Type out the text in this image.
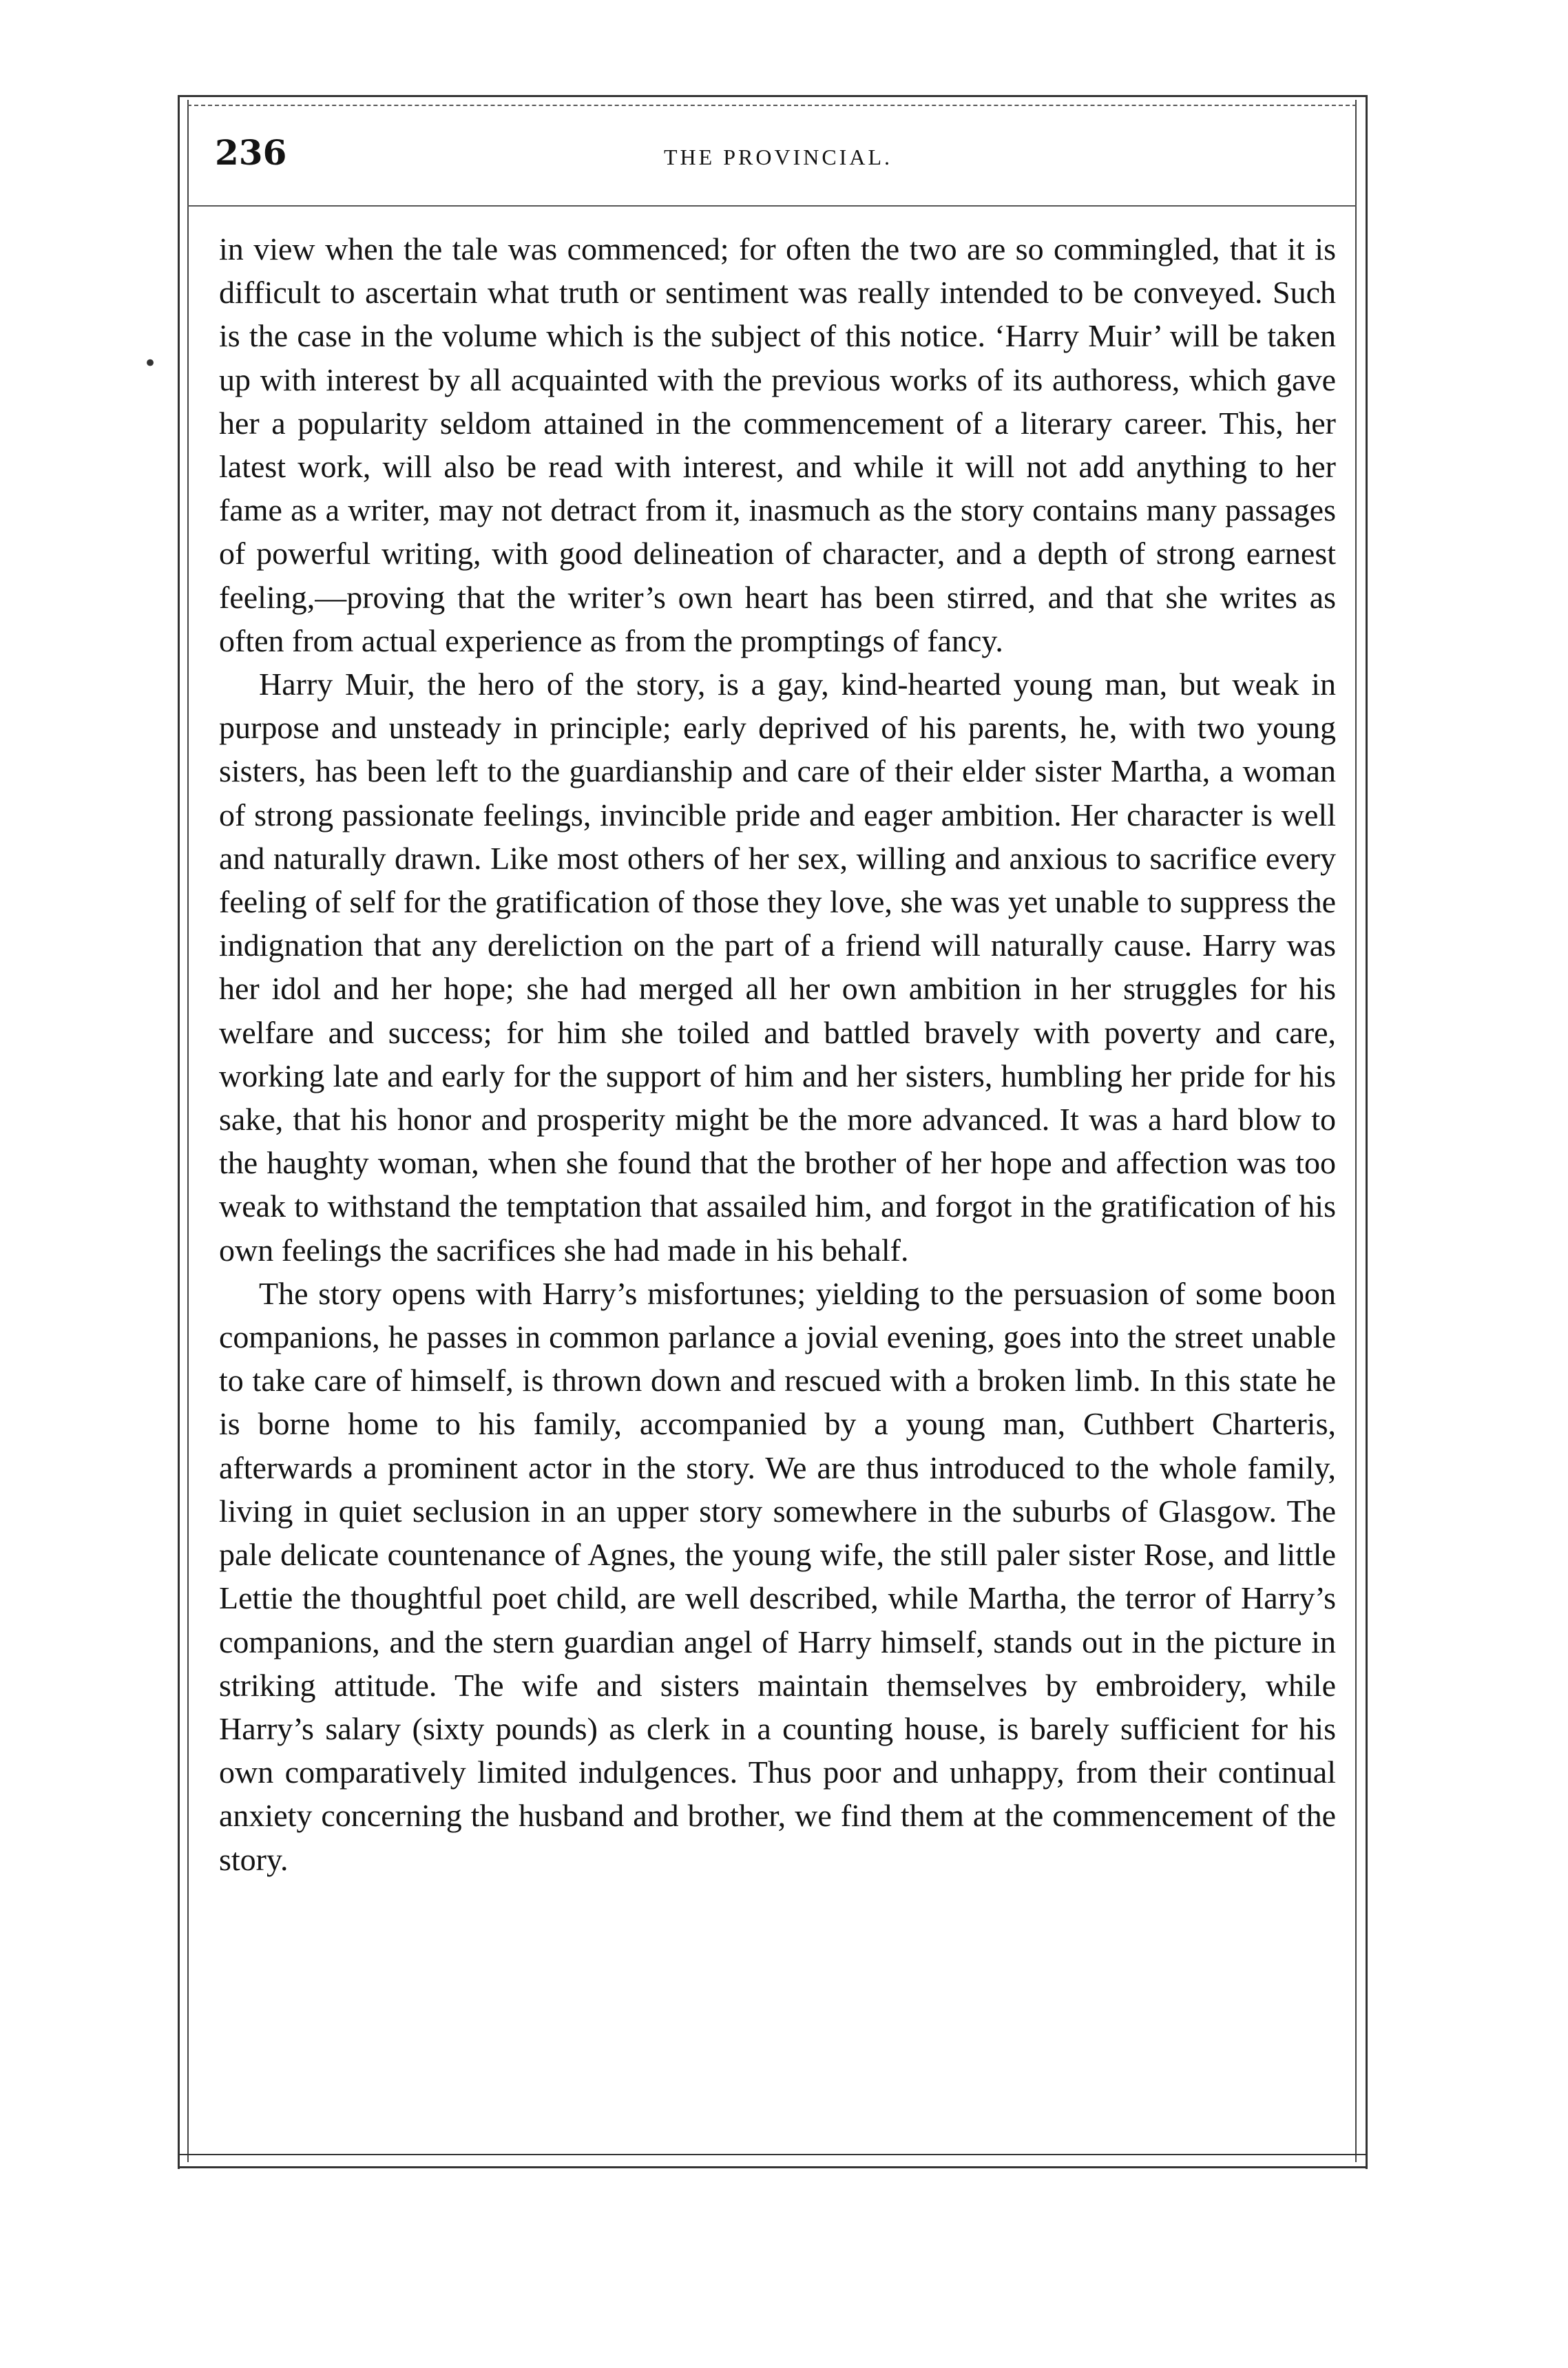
236	THE PROVINCIAL.
•

in view when the tale was commenced; for often the two are so commingled, that it is difficult to ascertain what truth or sentiment was really intended to be conveyed. Such is the case in the volume which is the subject of this notice. ‘Harry Muir’ will be taken up with interest by all acquainted with the previous works of its authoress, which gave her a popularity seldom attained in the commencement of a literary career. This, her latest work, will also be read with interest, and while it will not add anything to her fame as a writer, may not detract from it, inasmuch as the story contains many passages of powerful writing, with good delineation of character, and a depth of strong earnest feeling,—proving that the writer’s own heart has been stirred, and that she writes as often from actual experience as from the promptings of fancy.

Harry Muir, the hero of the story, is a gay, kind-hearted young man, but weak in purpose and unsteady in principle; early deprived of his parents, he, with two young sisters, has been left to the guardianship and care of their elder sister Martha, a woman of strong passionate feelings, invincible pride and eager ambition. Her character is well and naturally drawn. Like most others of her sex, willing and anxious to sacrifice every feeling of self for the gratification of those they love, she was yet unable to suppress the indignation that any dereliction on the part of a friend will naturally cause. Harry was her idol and her hope; she had merged all her own ambition in her struggles for his welfare and success; for him she toiled and battled bravely with poverty and care, working late and early for the support of him and her sisters, humbling her pride for his sake, that his honor and prosperity might be the more advanced. It was a hard blow to the haughty woman, when she found that the brother of her hope and affection was too weak to withstand the temptation that assailed him, and forgot in the gratification of his own feelings the sacrifices she had made in his behalf.

The story opens with Harry’s misfortunes; yielding to the persuasion of some boon companions, he passes in common parlance a jovial evening, goes into the street unable to take care of himself, is thrown down and rescued with a broken limb. In this state he is borne home to his family, accompanied by a young man, Cuthbert Charteris, afterwards a prominent actor in the story. We are thus introduced to the whole family, living in quiet seclusion in an upper story somewhere in the suburbs of Glasgow. The pale delicate countenance of Agnes, the young wife, the still paler sister Rose, and little Lettie the thoughtful poet child, are well described, while Martha, the terror of Harry’s companions, and the stern guardian angel of Harry himself, stands out in the picture in striking attitude. The wife and sisters maintain themselves by embroidery, while Harry’s salary (sixty pounds) as clerk in a counting house, is barely sufficient for his own comparatively limited indulgences. Thus poor and unhappy, from their continual anxiety concerning the husband and brother, we find them at the commencement of the story.
